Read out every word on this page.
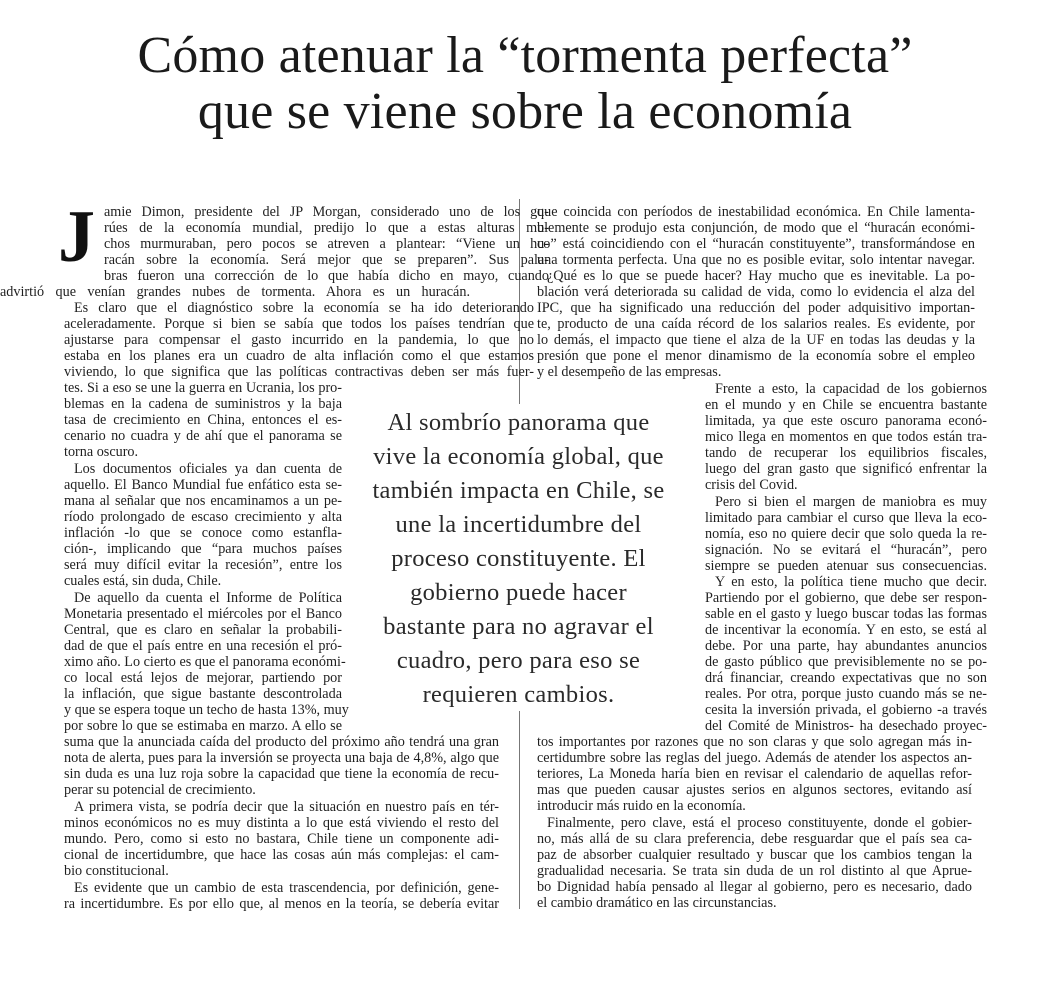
Cómo atenuar la “tormenta perfecta”
que se viene sobre la economía
J amie Dimon, presidente del JP Morgan, considerado uno de los gu-
rúes de la economía mundial, predijo lo que a estas alturas mu-
chos murmuraban, pero pocos se atreven a plantear: “Viene un hu-
racán sobre la economía. Será mejor que se preparen”. Sus pala-
bras fueron una corrección de lo que había dicho en mayo, cuando
advirtió que venían grandes nubes de tormenta. Ahora es un huracán.
Es claro que el diagnóstico sobre la economía se ha ido deteriorando
aceleradamente. Porque si bien se sabía que todos los países tendrían que
ajustarse para compensar el gasto incurrido en la pandemia, lo que no
estaba en los planes era un cuadro de alta inflación como el que estamos
viviendo, lo que significa que las políticas contractivas deben ser más fuer-
tes. Si a eso se une la guerra en Ucrania, los pro-
blemas en la cadena de suministros y la baja
tasa de crecimiento en China, entonces el es-
cenario no cuadra y de ahí que el panorama se
torna oscuro.
Los documentos oficiales ya dan cuenta de
aquello. El Banco Mundial fue enfático esta se-
mana al señalar que nos encaminamos a un pe-
ríodo prolongado de escaso crecimiento y alta
inflación -lo que se conoce como estanfla-
ción-, implicando que “para muchos países
será muy difícil evitar la recesión”, entre los
cuales está, sin duda, Chile.
De aquello da cuenta el Informe de Política
Monetaria presentado el miércoles por el Banco
Central, que es claro en señalar la probabili-
dad de que el país entre en una recesión el pró-
ximo año. Lo cierto es que el panorama económi-
co local está lejos de mejorar, partiendo por
la inflación, que sigue bastante descontrolada
y que se espera toque un techo de hasta 13%, muy
por sobre lo que se estimaba en marzo. A ello se
suma que la anunciada caída del producto del próximo año tendrá una gran
nota de alerta, pues para la inversión se proyecta una baja de 4,8%, algo que
sin duda es una luz roja sobre la capacidad que tiene la economía de recu-
perar su potencial de crecimiento.
A primera vista, se podría decir que la situación en nuestro país en tér-
minos económicos no es muy distinta a lo que está viviendo el resto del
mundo. Pero, como si esto no bastara, Chile tiene un componente adi-
cional de incertidumbre, que hace las cosas aún más complejas: el cam-
bio constitucional.
Es evidente que un cambio de esta trascendencia, por definición, gene-
ra incertidumbre. Es por ello que, al menos en la teoría, se debería evitar
que coincida con períodos de inestabilidad económica. En Chile lamenta-
blemente se produjo esta conjunción, de modo que el “huracán económi-
co” está coincidiendo con el “huracán constituyente”, transformándose en
una tormenta perfecta. Una que no es posible evitar, solo intentar navegar.
¿Qué es lo que se puede hacer? Hay mucho que es inevitable. La po-
blación verá deteriorada su calidad de vida, como lo evidencia el alza del
IPC, que ha significado una reducción del poder adquisitivo importan-
te, producto de una caída récord de los salarios reales. Es evidente, por
lo demás, el impacto que tiene el alza de la UF en todas las deudas y la
presión que pone el menor dinamismo de la economía sobre el empleo
y el desempeño de las empresas.
Frente a esto, la capacidad de los gobiernos
en el mundo y en Chile se encuentra bastante
limitada, ya que este oscuro panorama econó-
mico llega en momentos en que todos están tra-
tando de recuperar los equilibrios fiscales,
luego del gran gasto que significó enfrentar la
crisis del Covid.
Pero si bien el margen de maniobra es muy
limitado para cambiar el curso que lleva la eco-
nomía, eso no quiere decir que solo queda la re-
signación. No se evitará el “huracán”, pero
siempre se pueden atenuar sus consecuencias.
Y en esto, la política tiene mucho que decir.
Partiendo por el gobierno, que debe ser respon-
sable en el gasto y luego buscar todas las formas
de incentivar la economía. Y en esto, se está al
debe. Por una parte, hay abundantes anuncios
de gasto público que previsiblemente no se po-
drá financiar, creando expectativas que no son
reales. Por otra, porque justo cuando más se ne-
cesita la inversión privada, el gobierno -a través
del Comité de Ministros- ha desechado proyec-
tos importantes por razones que no son claras y que solo agregan más in-
certidumbre sobre las reglas del juego. Además de atender los aspectos an-
teriores, La Moneda haría bien en revisar el calendario de aquellas refor-
mas que pueden causar ajustes serios en algunos sectores, evitando así
introducir más ruido en la economía.
Finalmente, pero clave, está el proceso constituyente, donde el gobier-
no, más allá de su clara preferencia, debe resguardar que el país sea ca-
paz de absorber cualquier resultado y buscar que los cambios tengan la
gradualidad necesaria. Se trata sin duda de un rol distinto al que Aprue-
bo Dignidad había pensado al llegar al gobierno, pero es necesario, dado
el cambio dramático en las circunstancias.
Al sombrío panorama que
vive la economía global, que
también impacta en Chile, se
une la incertidumbre del
proceso constituyente. El
gobierno puede hacer
bastante para no agravar el
cuadro, pero para eso se
requieren cambios.
